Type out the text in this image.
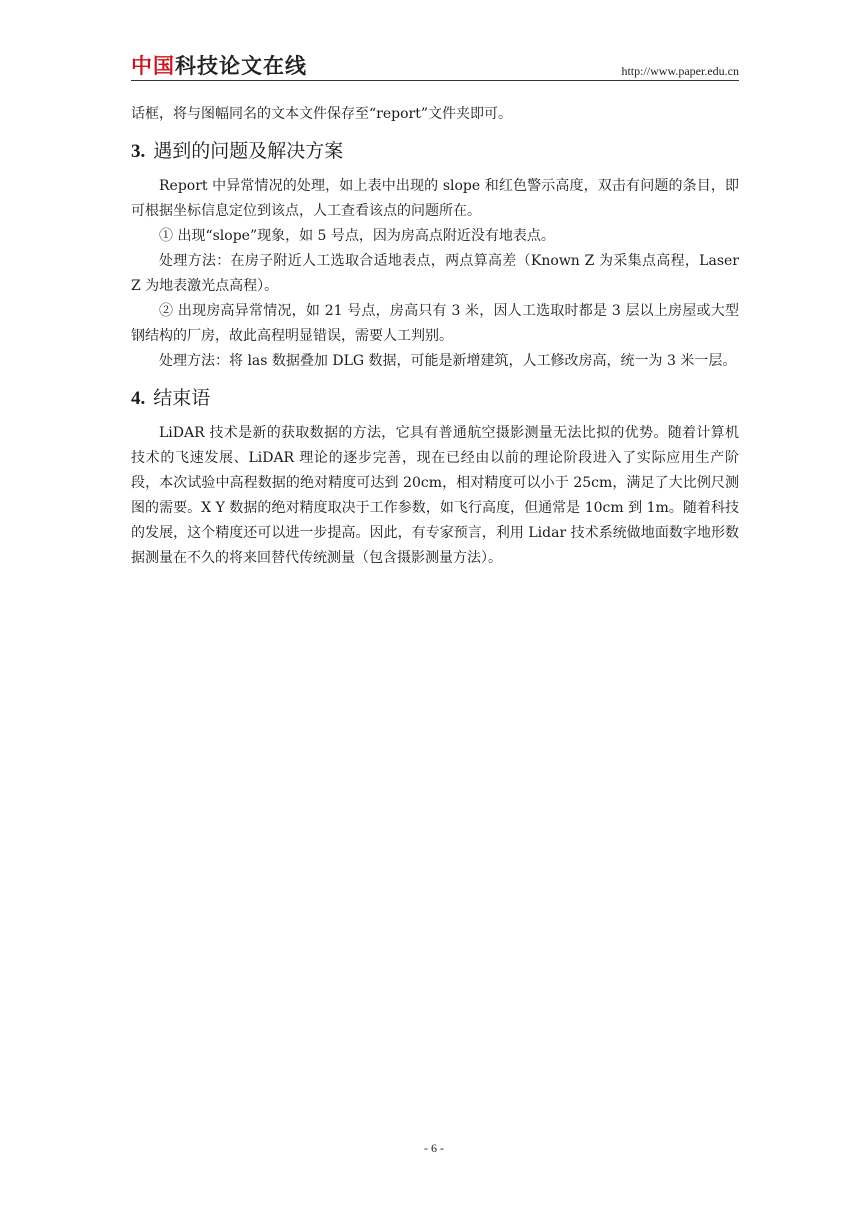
中国科技论文在线	http://www.paper.edu.cn

话框，将与图幅同名的文本文件保存至“report”文件夹即可。

3. 遇到的问题及解决方案

Report 中异常情况的处理，如上表中出现的 slope 和红色警示高度，双击有问题的条目，即可根据坐标信息定位到该点，人工查看该点的问题所在。

① 出现“slope”现象，如 5 号点，因为房高点附近没有地表点。

处理方法：在房子附近人工选取合适地表点，两点算高差（Known Z 为采集点高程，Laser Z 为地表激光点高程）。

② 出现房高异常情况，如 21 号点，房高只有 3 米，因人工选取时都是 3 层以上房屋或大型钢结构的厂房，故此高程明显错误，需要人工判别。

处理方法：将 las 数据叠加 DLG 数据，可能是新增建筑，人工修改房高，统一为 3 米一层。

4. 结束语

LiDAR 技术是新的获取数据的方法，它具有普通航空摄影测量无法比拟的优势。随着计算机技术的飞速发展、LiDAR 理论的逐步完善，现在已经由以前的理论阶段进入了实际应用生产阶段，本次试验中高程数据的绝对精度可达到 20cm，相对精度可以小于 25cm，满足了大比例尺测图的需要。X Y 数据的绝对精度取决于工作参数，如飞行高度，但通常是 10cm 到 1m。随着科技的发展，这个精度还可以进一步提高。因此，有专家预言，利用 Lidar 技术系统做地面数字地形数据测量在不久的将来回替代传统测量（包含摄影测量方法）。

- 6 -
